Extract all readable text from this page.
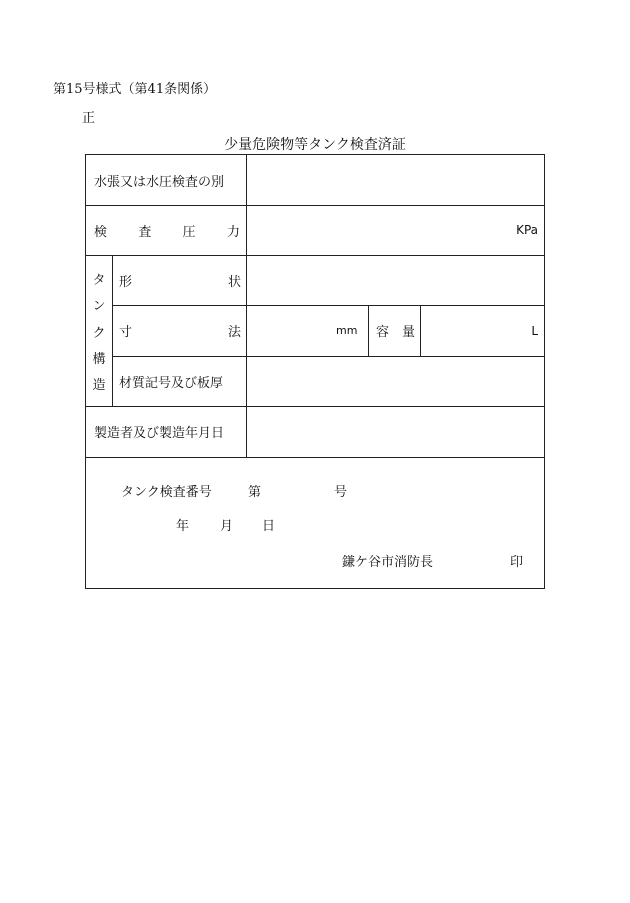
第15号様式（第41条関係）
正
少量危険物等タンク検査済証
水張又は水圧検査の別
検 査 圧 力	KPa
タ
ン
ク
構
造
形	状
寸	法	mm 容　量	L
材質記号及び板厚
製造者及び製造年月日
タンク検査番号	第	号
年 月 日
鎌ケ谷市消防長	印
